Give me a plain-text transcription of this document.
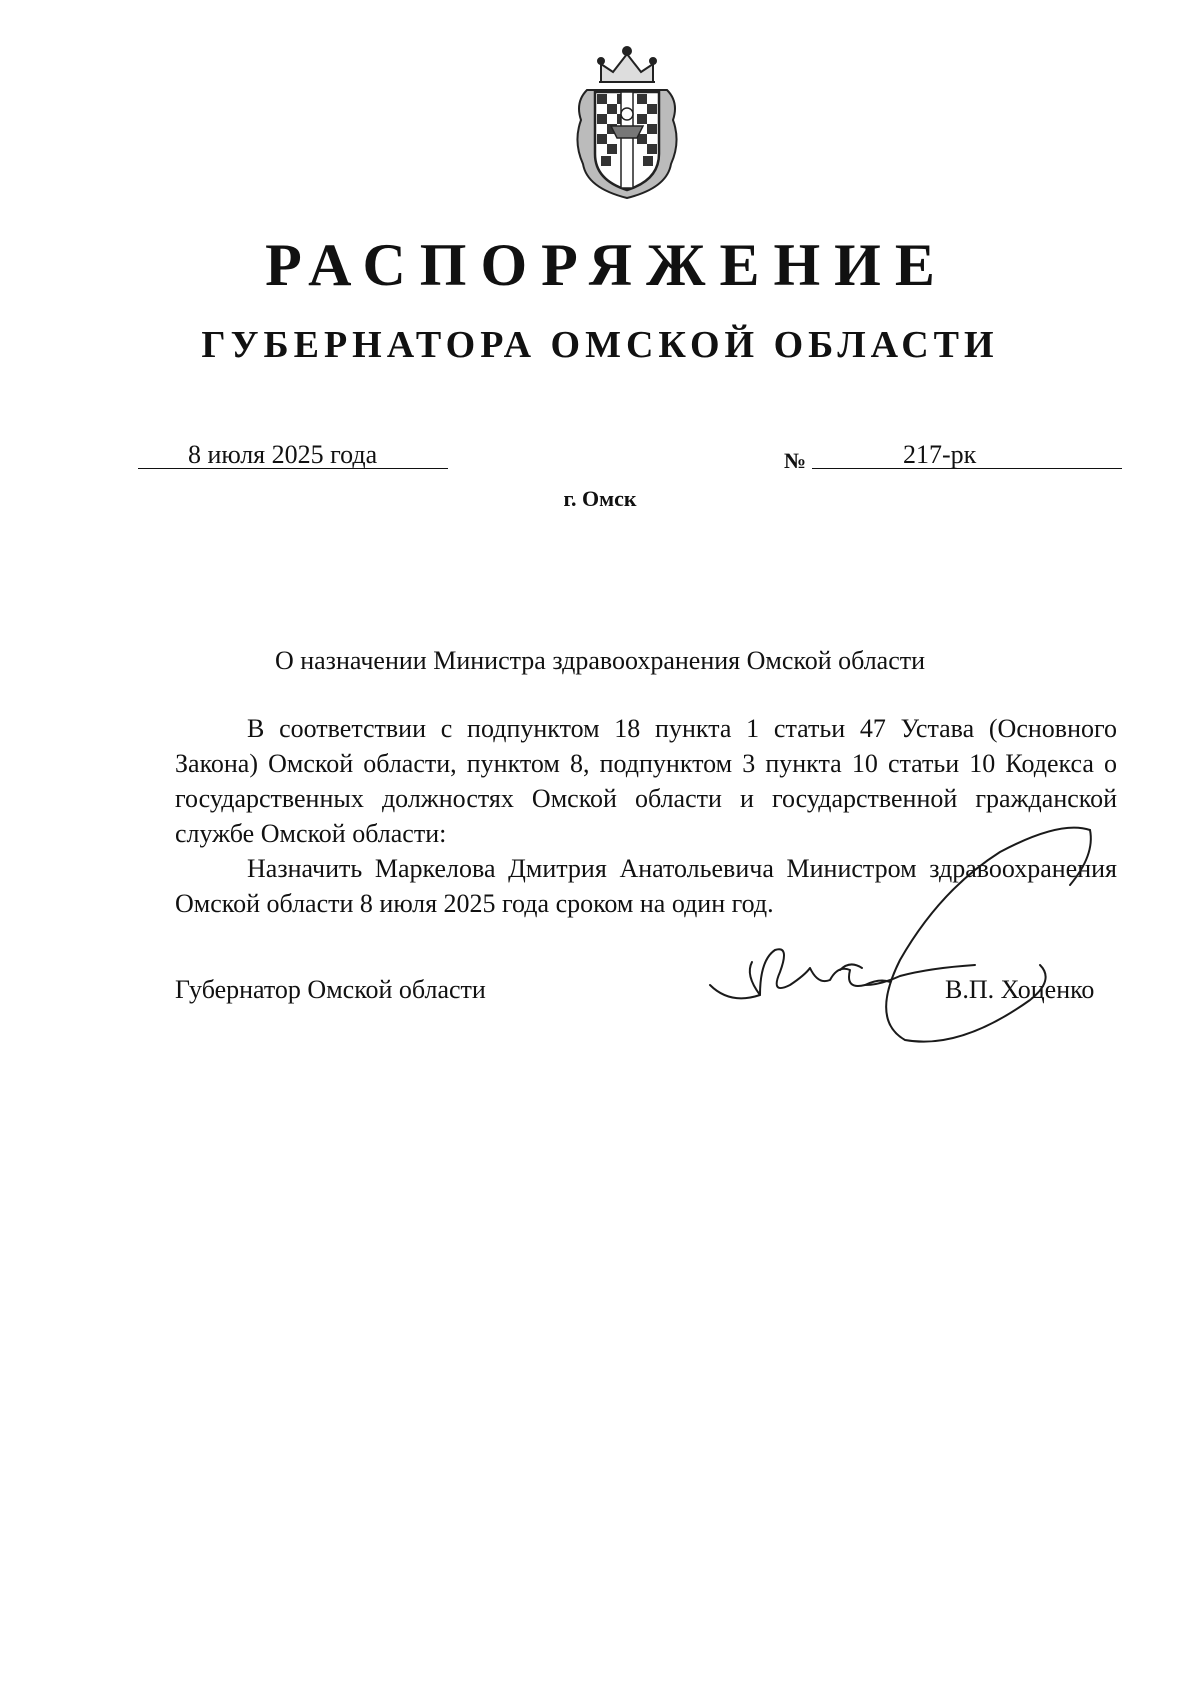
РАСПОРЯЖЕНИЕ
ГУБЕРНАТОРА ОМСКОЙ ОБЛАСТИ
8 июля 2025 года	№	217-рк
г. Омск
О назначении Министра здравоохранения Омской области

В соответствии с подпунктом 18 пункта 1 статьи 47 Устава (Основного Закона) Омской области, пунктом 8, подпунктом 3 пункта 10 статьи 10 Кодекса о государственных должностях Омской области и государственной гражданской службе Омской области:

Назначить Маркелова Дмитрия Анатольевича Министром здравоохранения Омской области 8 июля 2025 года сроком на один год.

Губернатор Омской области	В.П. Хоценко
